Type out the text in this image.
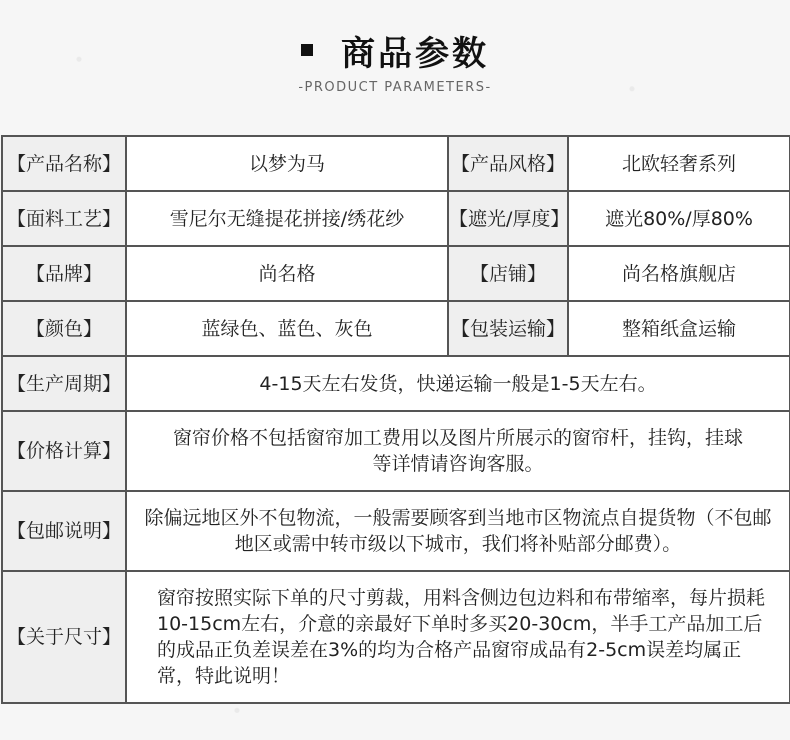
商品参数
-PRODUCT PARAMETERS-
【产品名称】	以梦为马	【产品风格】	北欧轻奢系列
【面料工艺】	雪尼尔无缝提花拼接/绣花纱	【遮光/厚度】	遮光80%/厚80%
【品牌】	尚名格	【店铺】	尚名格旗舰店
【颜色】	蓝绿色、蓝色、灰色	【包装运输】	整箱纸盒运输
【生产周期】	4-15天左右发货，快递运输一般是1-5天左右。		
【价格计算】	窗帘价格不包括窗帘加工费用以及图片所展示的窗帘杆，挂钩，挂球等详情请咨询客服。		
【包邮说明】	除偏远地区外不包物流，一般需要顾客到当地市区物流点自提货物（不包邮地区或需中转市级以下城市，我们将补贴部分邮费）。		
【关于尺寸】	窗帘按照实际下单的尺寸剪裁，用料含侧边包边料和布带缩率，每片损耗10-15cm左右，介意的亲最好下单时多买20-30cm，半手工产品加工后的成品正负差误差在3%的均为合格产品窗帘成品有2-5cm误差均属正常，特此说明！		
